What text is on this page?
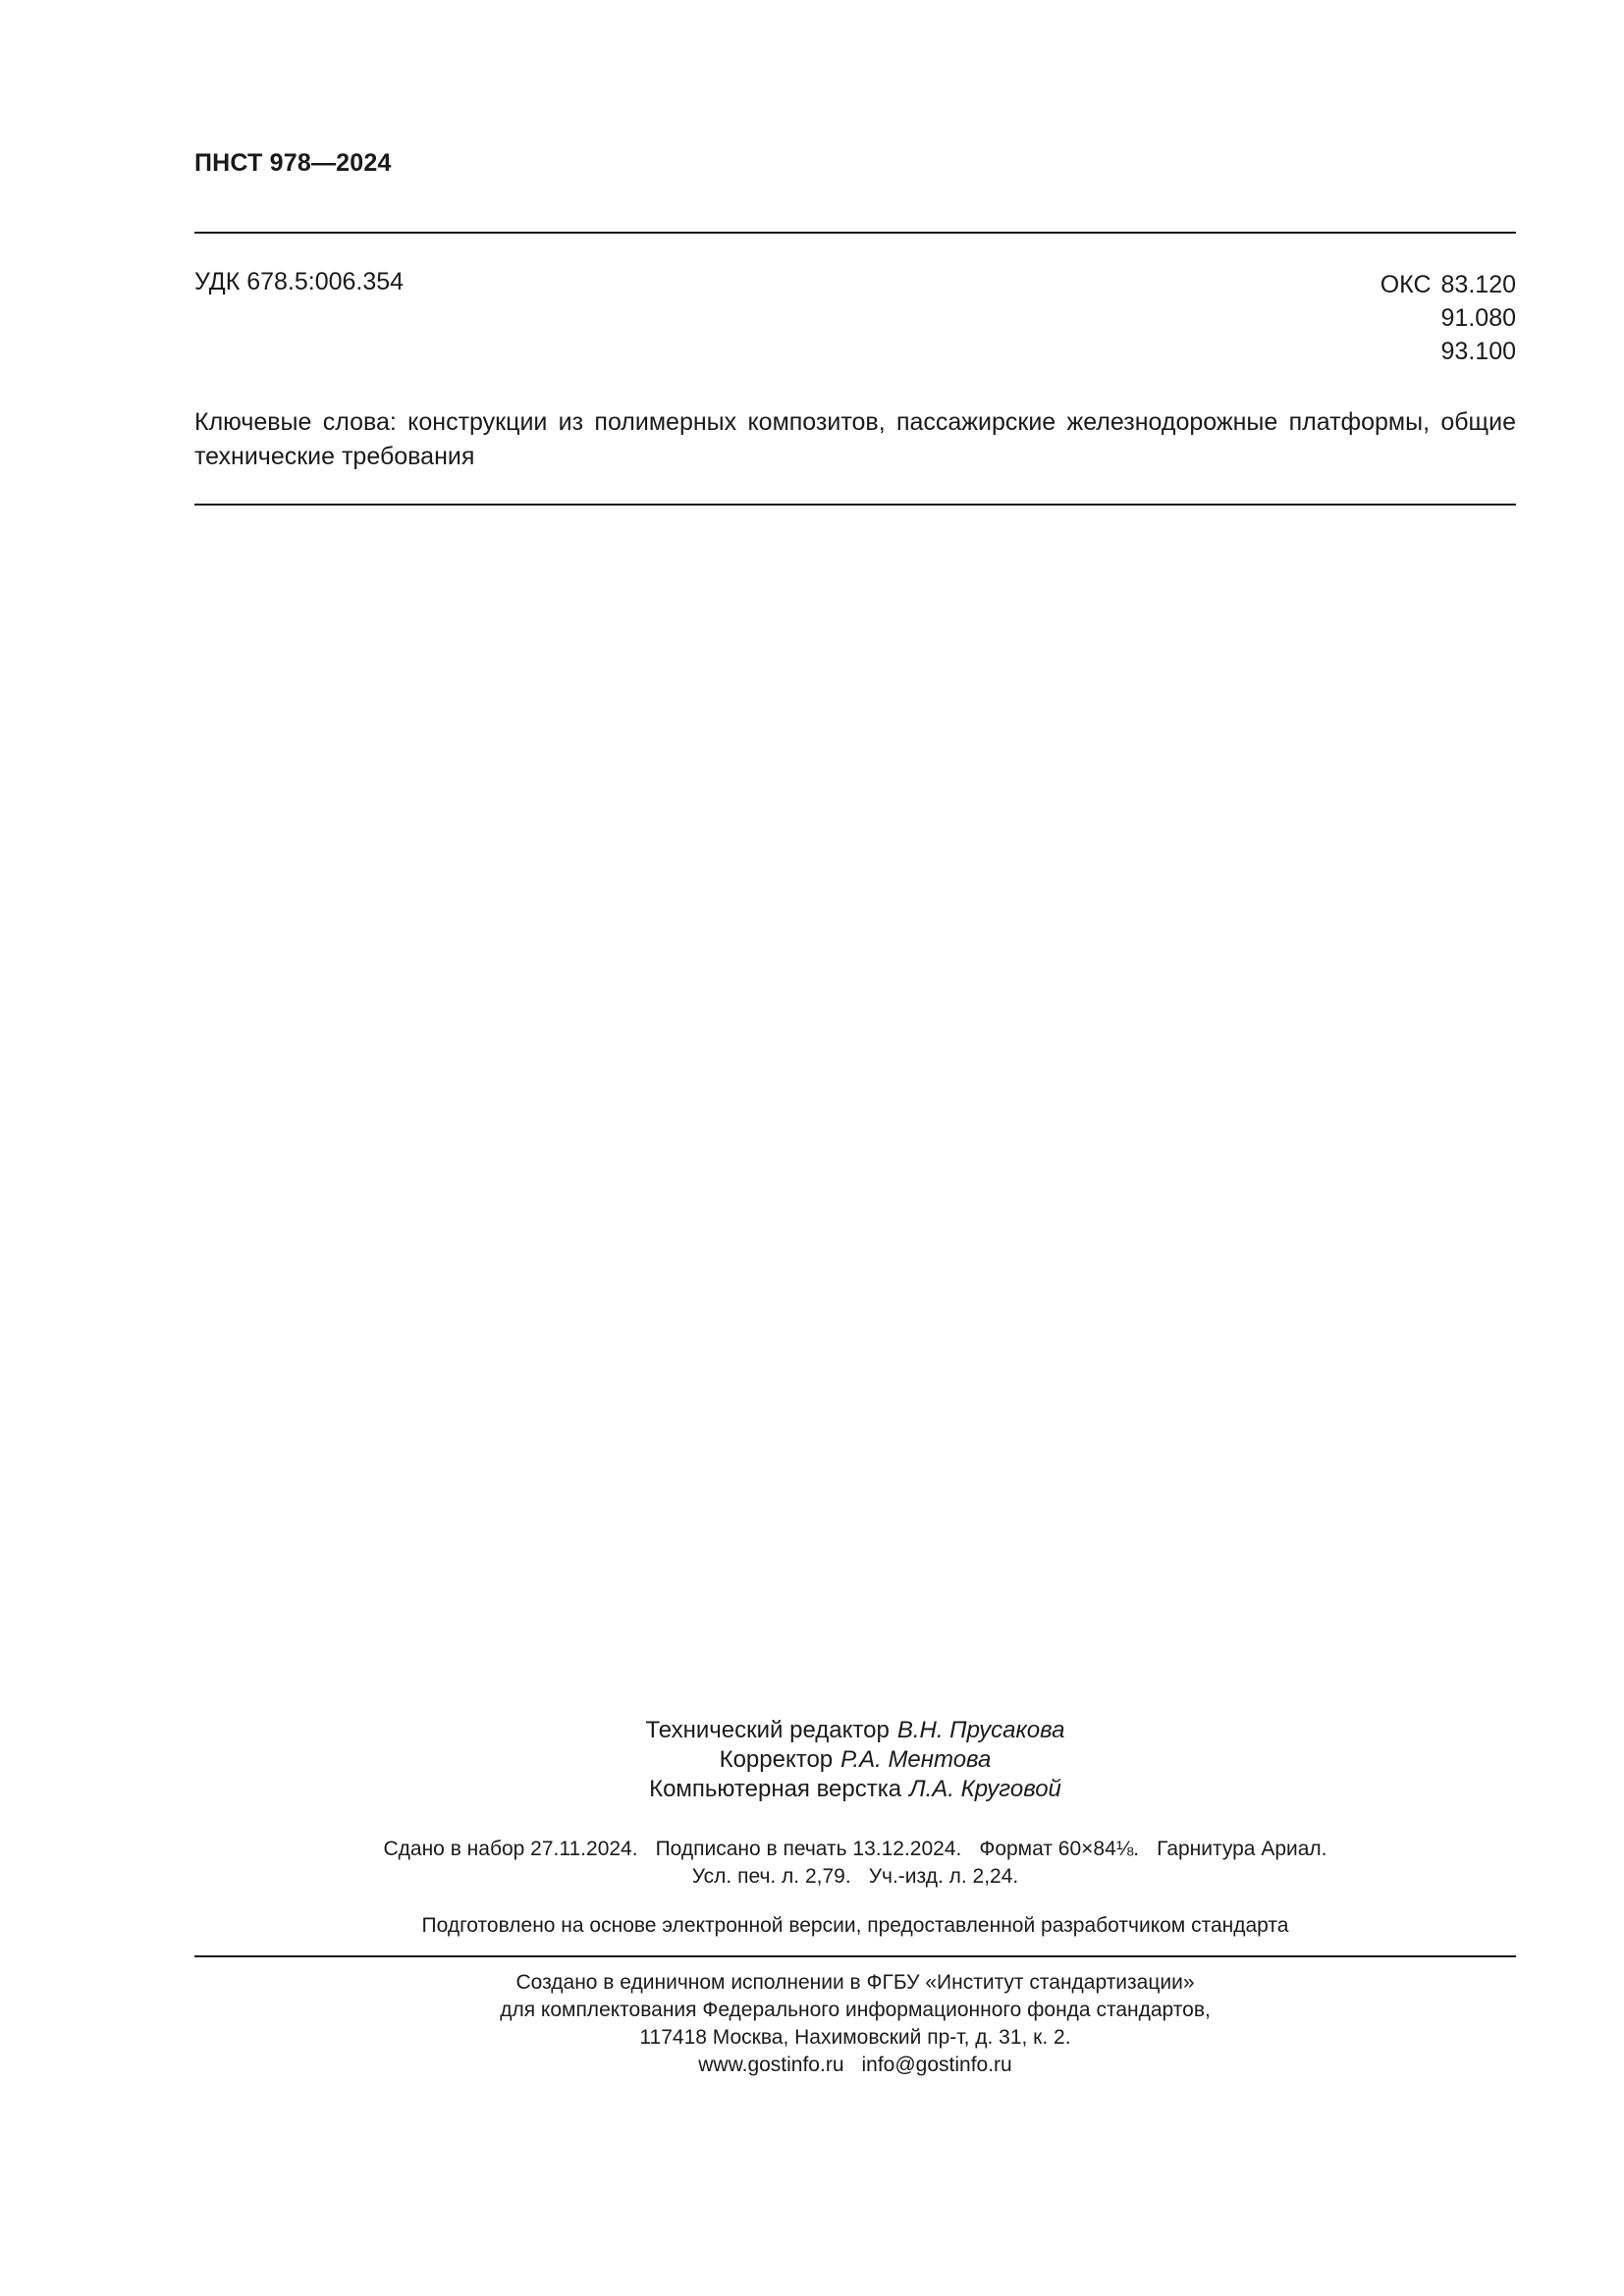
ПНСТ 978—2024
УДК 678.5:006.354	ОКС 83.120
91.080
93.100
Ключевые слова: конструкции из полимерных композитов, пассажирские железнодорожные платформы, общие технические требования
Технический редактор В.Н. Прусакова
Корректор Р.А. Ментова
Компьютерная верстка Л.А. Круговой
Сдано в набор 27.11.2024. Подписано в печать 13.12.2024. Формат 60×84⅛. Гарнитура Ариал.
Усл. печ. л. 2,79. Уч.-изд. л. 2,24.
Подготовлено на основе электронной версии, предоставленной разработчиком стандарта
Создано в единичном исполнении в ФГБУ «Институт стандартизации»
для комплектования Федерального информационного фонда стандартов,
117418 Москва, Нахимовский пр-т, д. 31, к. 2.
www.gostinfo.ru info@gostinfo.ru
